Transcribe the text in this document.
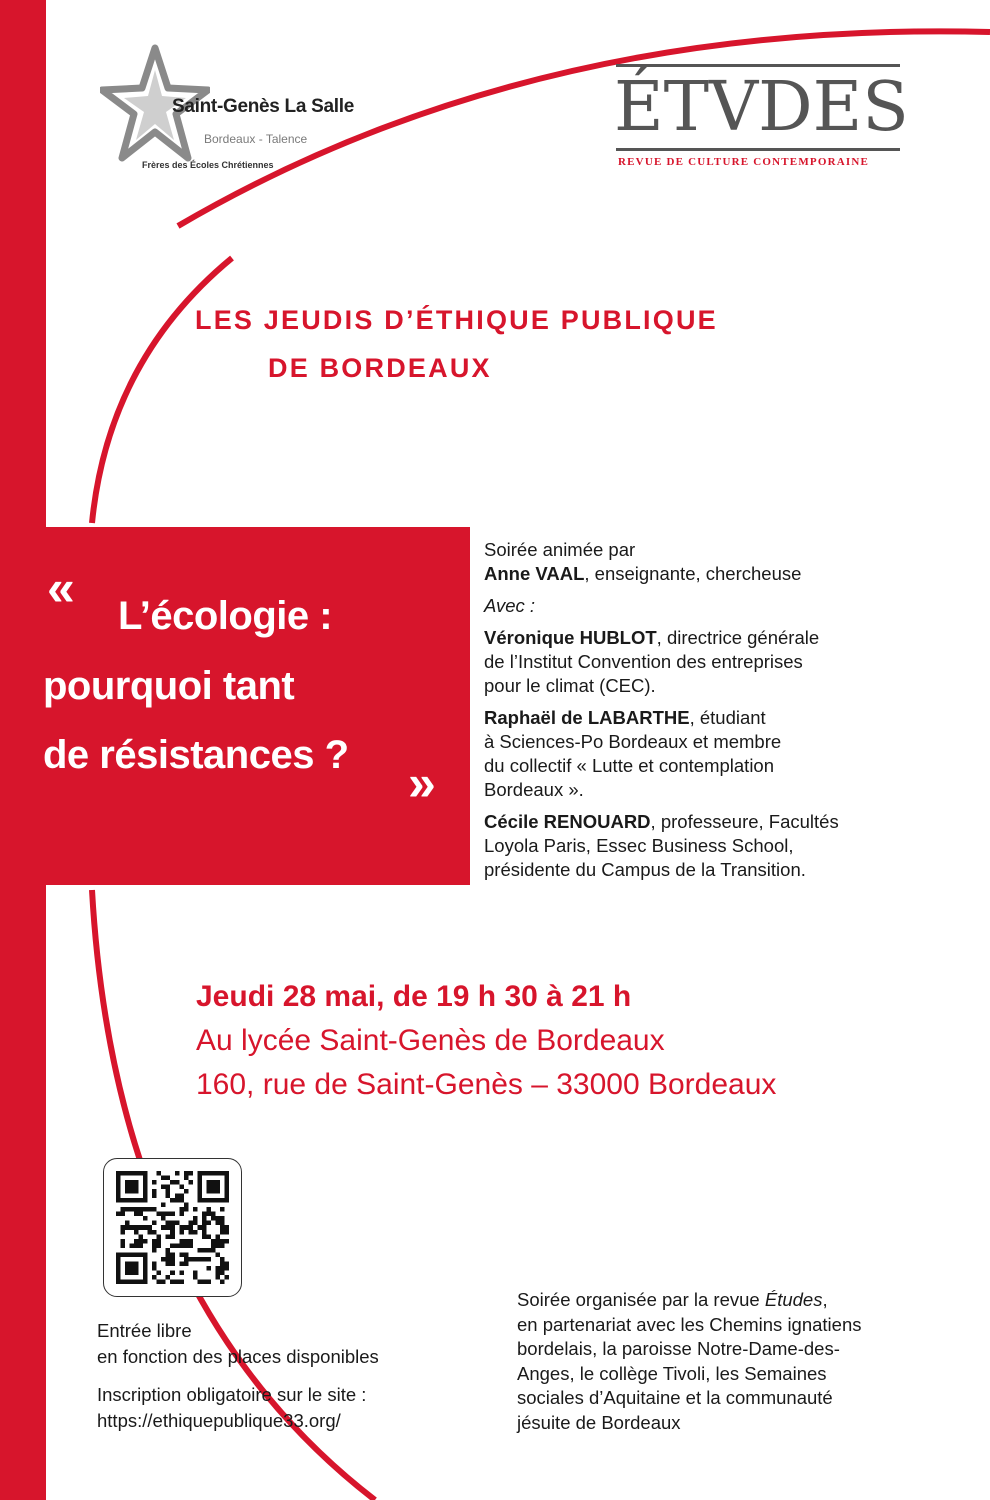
Saint-Genès La Salle
Bordeaux - Talence
Frères des Écoles Chrétiennes
ÉTVDES
REVUE DE CULTURE CONTEMPORAINE
LES JEUDIS D’ÉTHIQUE PUBLIQUE
DE BORDEAUX
« L’écologie :
pourquoi tant
de résistances ? »

Soirée animée par

Anne VAAL, enseignante, chercheuse

Avec :

Véronique HUBLOT, directrice générale

de l’Institut Convention des entreprises

pour le climat (CEC).

Raphaël de LABARTHE, étudiant

à Sciences-Po Bordeaux et membre

du collectif « Lutte et contemplation

Bordeaux ».

Cécile RENOUARD, professeure, Facultés

Loyola Paris, Essec Business School,

présidente du Campus de la Transition.

Jeudi 28 mai, de 19 h 30 à 21 h
Au lycée Saint-Genès de Bordeaux
160, rue de Saint-Genès – 33000 Bordeaux

Entrée libre

en fonction des places disponibles

Inscription obligatoire sur le site :

https://ethiquepublique33.org/

Soirée organisée par la revue Études,
en partenariat avec les Chemins ignatiens
bordelais, la paroisse Notre-Dame-des-
Anges, le collège Tivoli, les Semaines
sociales d’Aquitaine et la communauté
jésuite de Bordeaux
